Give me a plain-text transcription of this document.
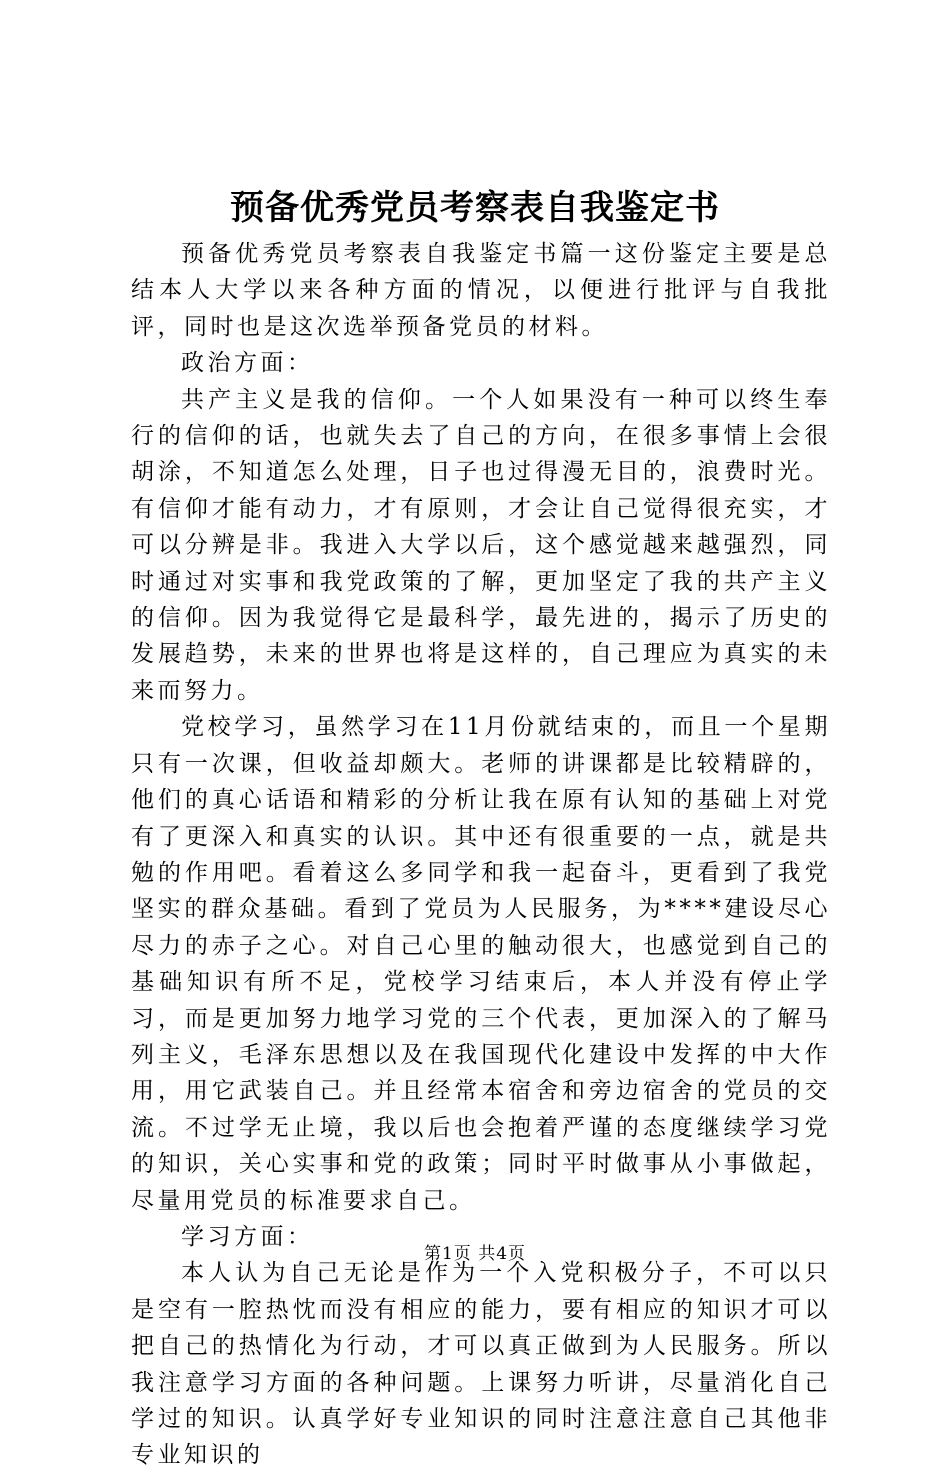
预备优秀党员考察表自我鉴定书

预备优秀党员考察表自我鉴定书篇一这份鉴定主要是总结本人大学以来各种方面的情况，以便进行批评与自我批评，同时也是这次选举预备党员的材料。

政治方面：

共产主义是我的信仰。一个人如果没有一种可以终生奉行的信仰的话，也就失去了自己的方向，在很多事情上会很胡涂，不知道怎么处理，日子也过得漫无目的，浪费时光。有信仰才能有动力，才有原则，才会让自己觉得很充实，才可以分辨是非。我进入大学以后，这个感觉越来越强烈，同时通过对实事和我党政策的了解，更加坚定了我的共产主义的信仰。因为我觉得它是最科学，最先进的，揭示了历史的发展趋势，未来的世界也将是这样的，自己理应为真实的未来而努力。

党校学习，虽然学习在11月份就结束的，而且一个星期只有一次课，但收益却颇大。老师的讲课都是比较精辟的，他们的真心话语和精彩的分析让我在原有认知的基础上对党有了更深入和真实的认识。其中还有很重要的一点，就是共勉的作用吧。看着这么多同学和我一起奋斗，更看到了我党坚实的群众基础。看到了党员为人民服务，为****建设尽心尽力的赤子之心。对自己心里的触动很大，也感觉到自己的基础知识有所不足，党校学习结束后，本人并没有停止学习，而是更加努力地学习党的三个代表，更加深入的了解马列主义，毛泽东思想以及在我国现代化建设中发挥的中大作用，用它武装自己。并且经常本宿舍和旁边宿舍的党员的交流。不过学无止境，我以后也会抱着严谨的态度继续学习党的知识，关心实事和党的政策；同时平时做事从小事做起，尽量用党员的标准要求自己。

学习方面：

本人认为自己无论是作为一个入党积极分子，不可以只是空有一腔热忱而没有相应的能力，要有相应的知识才可以把自己的热情化为行动，才可以真正做到为人民服务。所以我注意学习方面的各种问题。上课努力听讲，尽量消化自己学过的知识。认真学好专业知识的同时注意注意自己其他非专业知识的

第1页 共4页
